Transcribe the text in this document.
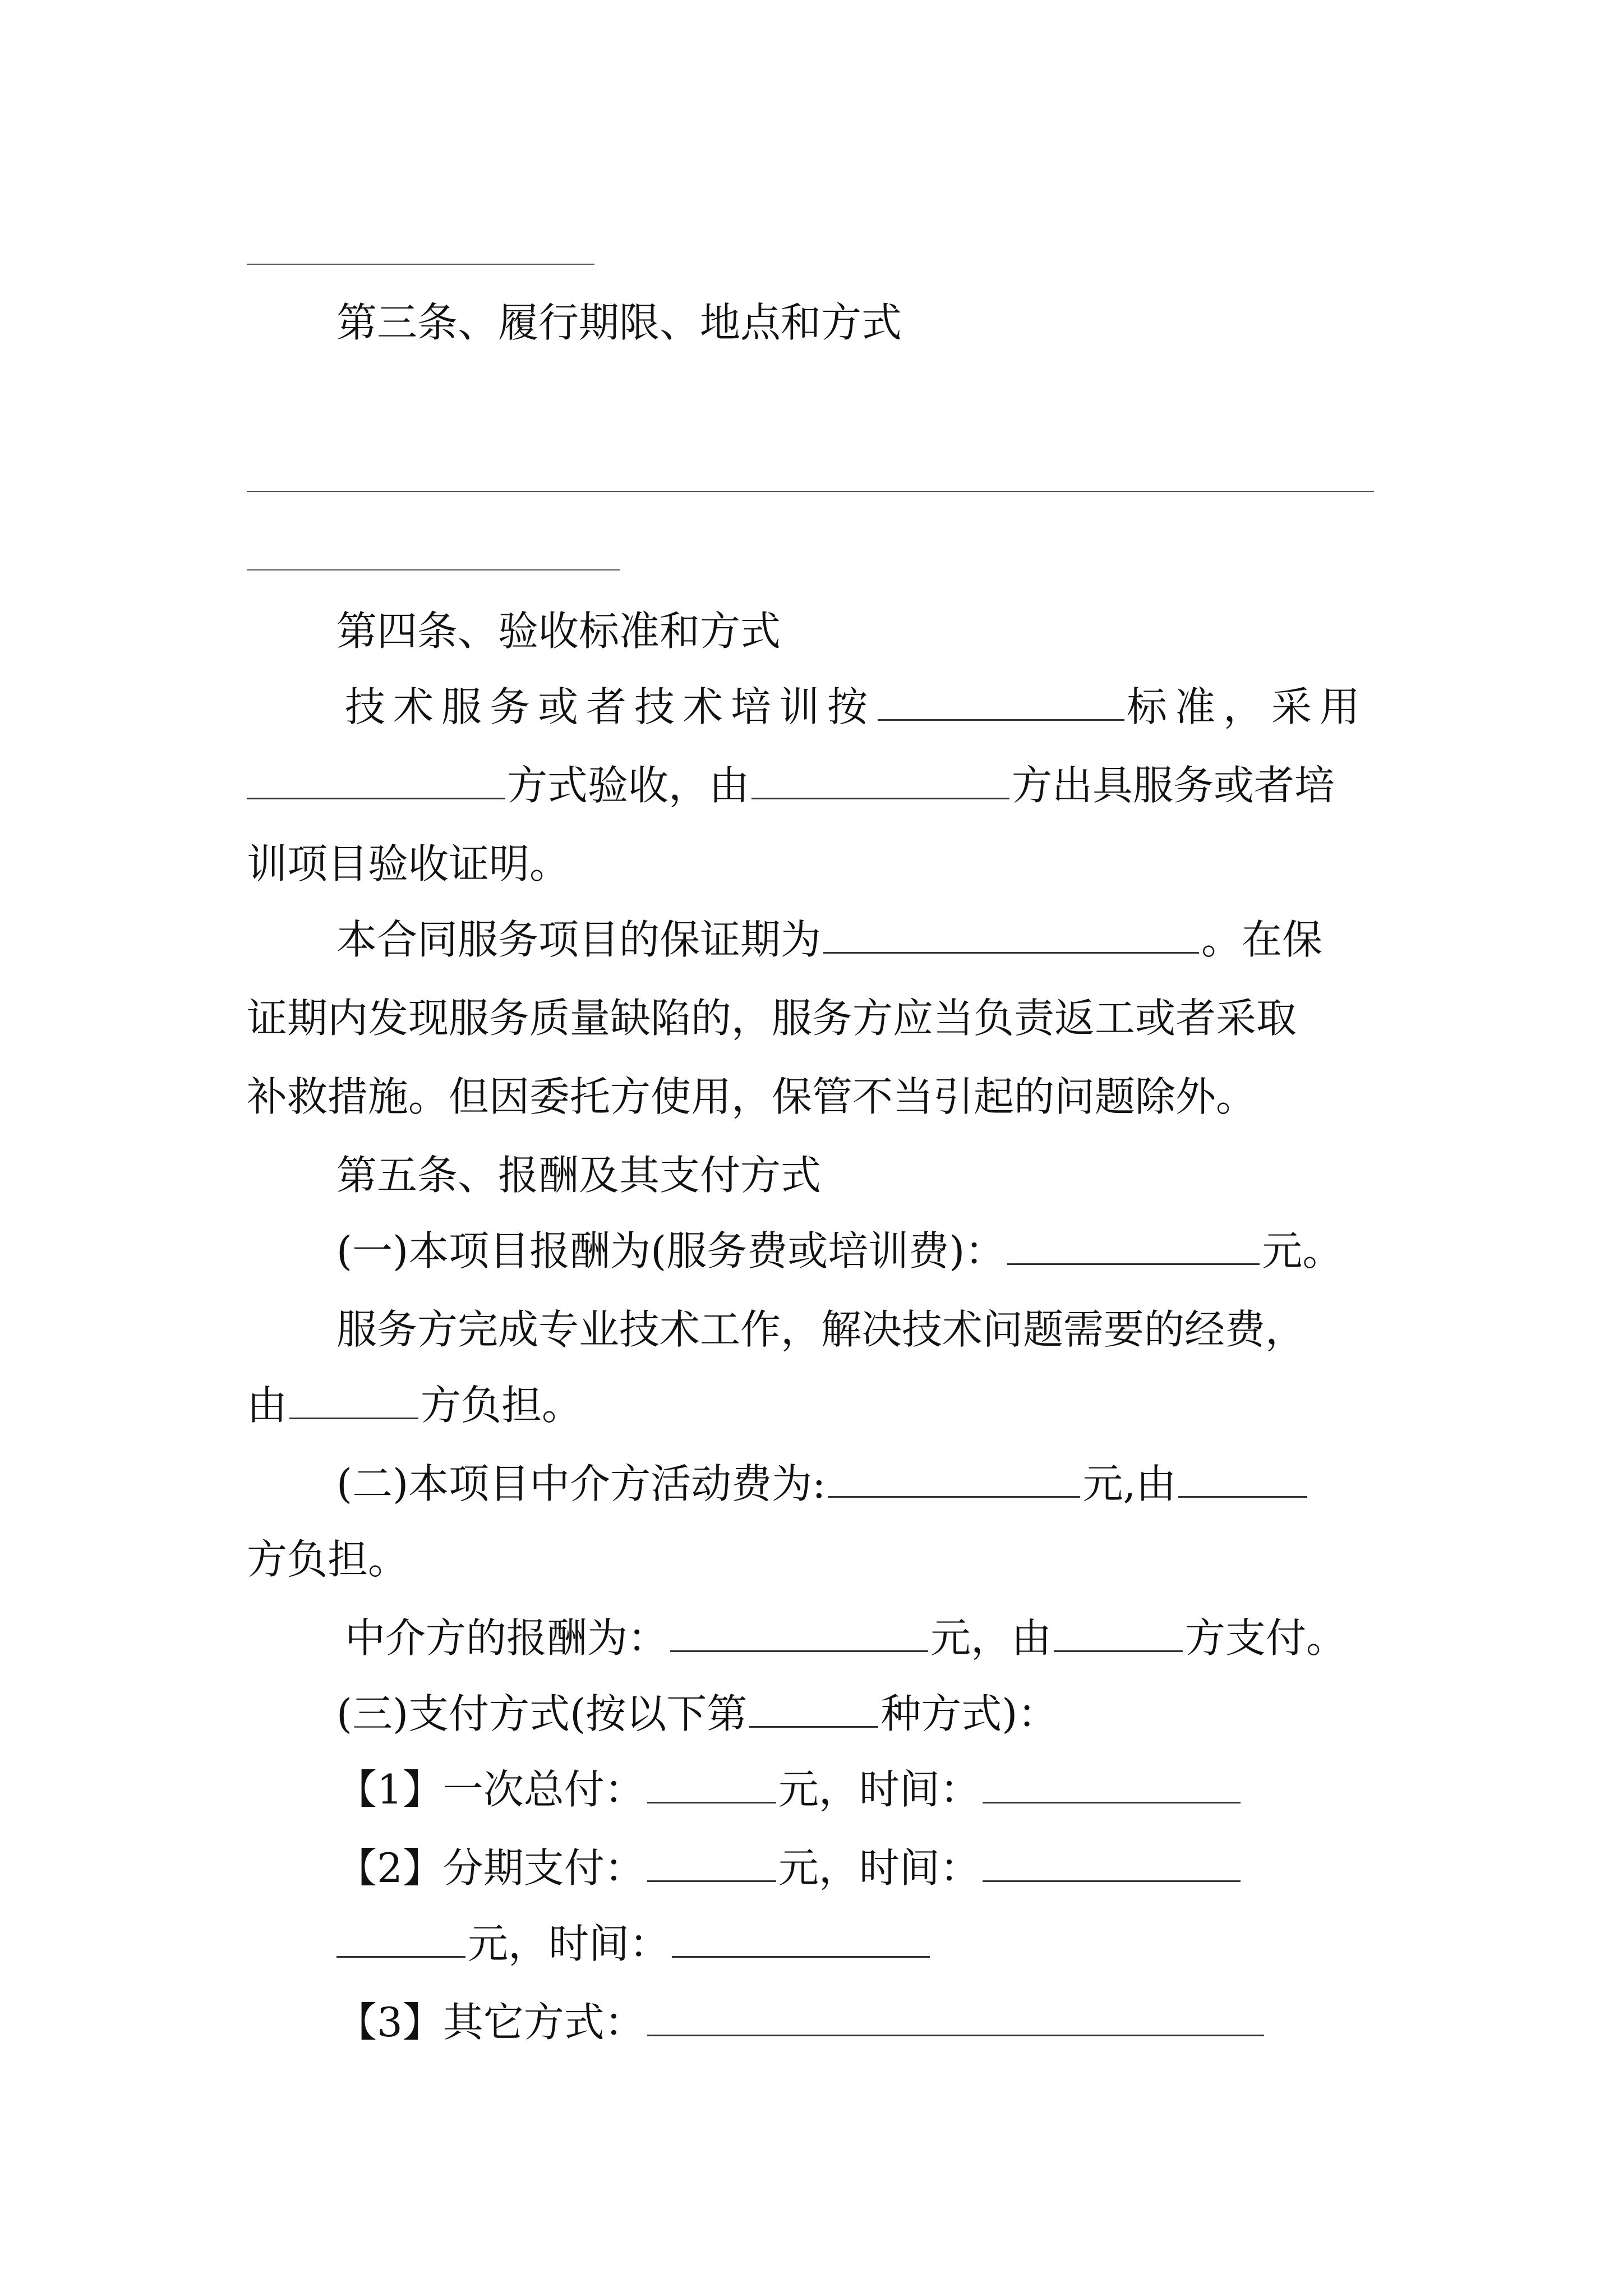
第三条、履行期限、地点和方式
第四条、验收标准和方式
技术服务或者技术培训按	标准，采用
方式验收，由	方出具服务或者培
训项目验收证明。
本合同服务项目的保证期为	。在保
证期内发现服务质量缺陷的，服务方应当负责返工或者采取
补救措施。但因委托方使用，保管不当引起的问题除外。
第五条、报酬及其支付方式
(一)本项目报酬为(服务费或培训费)：	元。
服务方完成专业技术工作，解决技术问题需要的经费，
由	方负担。
(二)本项目中介方活动费为:	元,由
方负担。
中介方的报酬为：	元，由	方支付。
(三)支付方式(按以下第	种方式)：
【1】一次总付：	元，时间：
【2】分期支付：	元，时间：
元，时间：
【3】其它方式：
